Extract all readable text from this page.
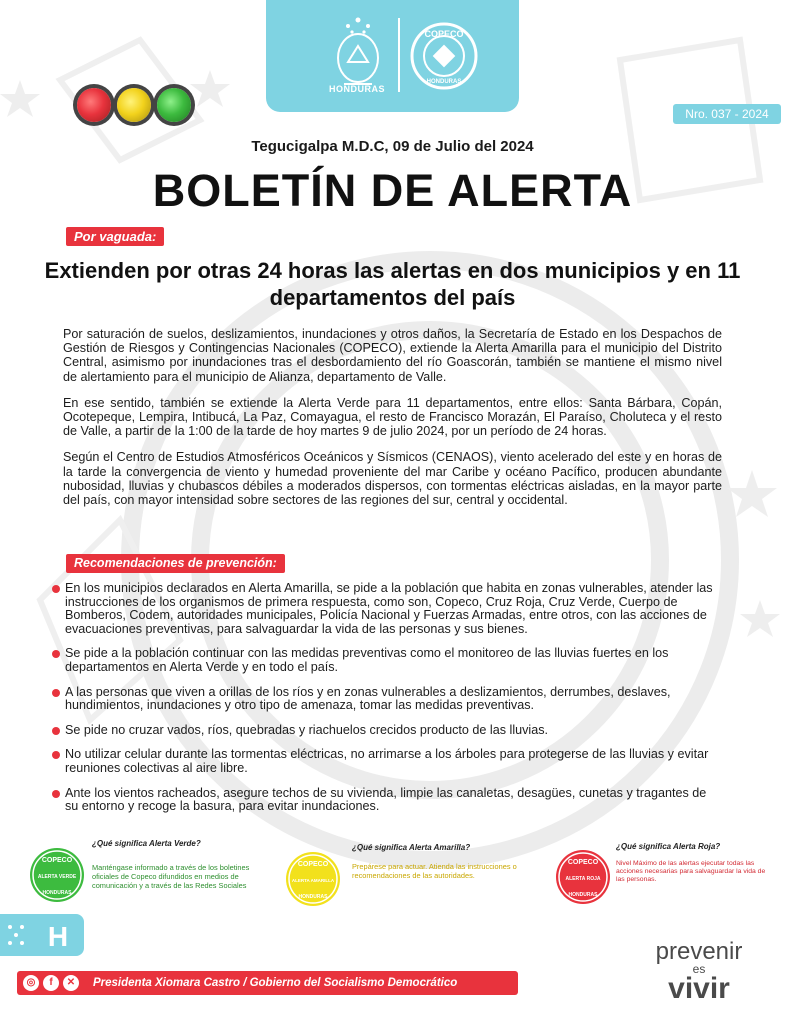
HONDURAS
COPECO
HONDURAS
Nro. 037 - 2024
Tegucigalpa M.D.C, 09 de Julio del 2024
BOLETÍN DE ALERTA
Por vaguada:
Extienden por otras 24 horas las alertas en dos municipios y en 11 departamentos del país

Por saturación de suelos, deslizamientos, inundaciones y otros daños, la Secretaría de Estado en los Despachos de Gestión de Riesgos y Contingencias Nacionales (COPECO), extiende la Alerta Amarilla para el municipio del Distrito Central, asimismo por inundaciones tras el desbordamiento del río Goascorán, también se mantiene el mismo nivel de alertamiento para el municipio de Alianza, departamento de Valle.

En ese sentido, también se extiende la Alerta Verde para 11 departamentos, entre ellos: Santa Bárbara, Copán, Ocotepeque, Lempira, Intibucá, La Paz, Comayagua, el resto de Francisco Morazán, El Paraíso, Choluteca y el resto de Valle, a partir de la 1:00 de la tarde de hoy martes 9 de julio 2024, por un período de 24 horas.

Según el Centro de Estudios Atmosféricos Oceánicos y Sísmicos (CENAOS), viento acelerado del este y en horas de la tarde la convergencia de viento y humedad proveniente del mar Caribe y océano Pacífico, producen abundante nubosidad, lluvias y chubascos débiles a moderados dispersos, con tormentas eléctricas aisladas, en la mayor parte del país, con mayor intensidad sobre sectores de las regiones del sur, central y occidental.

Recomendaciones de prevención:
En los municipios declarados en Alerta Amarilla, se pide a la población que habita en zonas vulnerables, atender las instrucciones de los organismos de primera respuesta, como son, Copeco, Cruz Roja, Cruz Verde, Cuerpo de Bomberos, Codem, autoridades municipales, Policía Nacional y Fuerzas Armadas, entre otros, con las acciones de evacuaciones preventivas, para salvaguardar la vida de las personas y sus bienes.
Se pide a la población continuar con las medidas preventivas como el monitoreo de las lluvias fuertes en los departamentos en Alerta Verde y en todo el país.
A las personas que viven a orillas de los ríos y en zonas vulnerables a deslizamientos, derrumbes, deslaves, hundimientos, inundaciones y otro tipo de amenaza, tomar las medidas preventivas.
Se pide no cruzar vados, ríos, quebradas y riachuelos crecidos producto de las lluvias.
No utilizar celular durante las tormentas eléctricas, no arrimarse a los árboles para protegerse de las lluvias y evitar reuniones colectivas al aire libre.
Ante los vientos racheados, asegure techos de su vivienda, limpie las canaletas, desagües, cunetas y tragantes de su entorno y recoge la basura, para evitar inundaciones.
COPECO
ALERTA VERDE
HONDURAS
¿Qué significa Alerta Verde?
Manténgase informado a través de los boletines oficiales de Copeco difundidos en medios de comunicación y a través de las Redes Sociales
COPECO
ALERTA AMARILLA
HONDURAS
¿Qué significa Alerta Amarilla?
Prepárese para actuar. Atienda las instrucciones o recomendaciones de las autoridades.
COPECO
ALERTA ROJA
HONDURAS
¿Qué significa Alerta Roja?
Nivel Máximo de las alertas ejecutar todas las acciones necesarias para salvaguardar la vida de las personas.
H
◎	f	✕	Presidenta Xiomara Castro / Gobierno del Socialismo Democrático
prevenir
es
vivir
